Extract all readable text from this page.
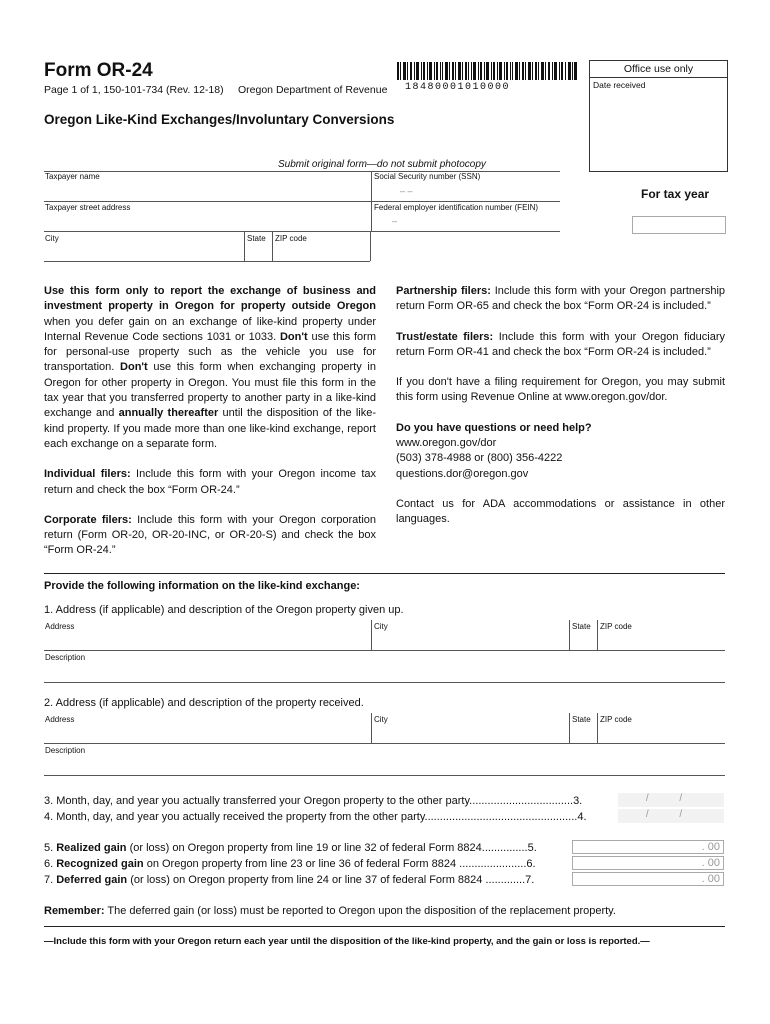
Form OR-24
Page 1 of 1, 150-101-734 (Rev. 12-18) Oregon Department of Revenue 18480001010000
Office use only
Date received
Oregon Like-Kind Exchanges/Involuntary Conversions
Submit original form—do not submit photocopy
Taxpayer name	Social Security number (SSN)
– –
Taxpayer street address	Federal employer identification number (FEIN)
–
City	State ZIP code
For tax year

Use this form only to report the exchange of business and investment property in Oregon for property outside Oregon when you defer gain on an exchange of like-kind property under Internal Revenue Code sections 1031 or 1033. Don't use this form for personal-use property such as the vehicle you use for transportation. Don't use this form when exchanging property in Oregon for other property in Oregon. You must file this form in the tax year that you transferred property to another party in a like-kind exchange and annually thereafter until the disposition of the like-kind property. If you made more than one like-kind exchange, report each exchange on a separate form.

Individual filers: Include this form with your Oregon income tax return and check the box “Form OR-24.”

Corporate filers: Include this form with your Oregon corporation return (Form OR-20, OR-20-INC, or OR-20-S) and check the box “Form OR-24.”

Partnership filers: Include this form with your Oregon partnership return Form OR-65 and check the box “Form OR-24 is included.”

Trust/estate filers: Include this form with your Oregon fiduciary return Form OR-41 and check the box “Form OR-24 is included.”

If you don't have a filing requirement for Oregon, you may submit this form using Revenue Online at www.oregon.gov/dor.

Do you have questions or need help?
www.oregon.gov/dor
(503) 378-4988 or (800) 356-4222
questions.dor@oregon.gov

Contact us for ADA accommodations or assistance in other languages.

Provide the following information on the like-kind exchange:
1. Address (if applicable) and description of the Oregon property given up.
Address	City	State ZIP code
Description
2. Address (if applicable) and description of the property received.
Address	City	State ZIP code
Description
3. Month, day, and year you actually transferred your Oregon property to the other party..................................3.	/ /
4. Month, day, and year you actually received the property from the other party..................................................4.	/ /
5. Realized gain (or loss) on Oregon property from line 19 or line 32 of federal Form 8824...............5.	. 00
6. Recognized gain on Oregon property from line 23 or line 36 of federal Form 8824 ......................6.	. 00
7. Deferred gain (or loss) on Oregon property from line 24 or line 37 of federal Form 8824 .............7.	. 00
Remember: The deferred gain (or loss) must be reported to Oregon upon the disposition of the replacement property.
—Include this form with your Oregon return each year until the disposition of the like-kind property, and the gain or loss is reported.—
